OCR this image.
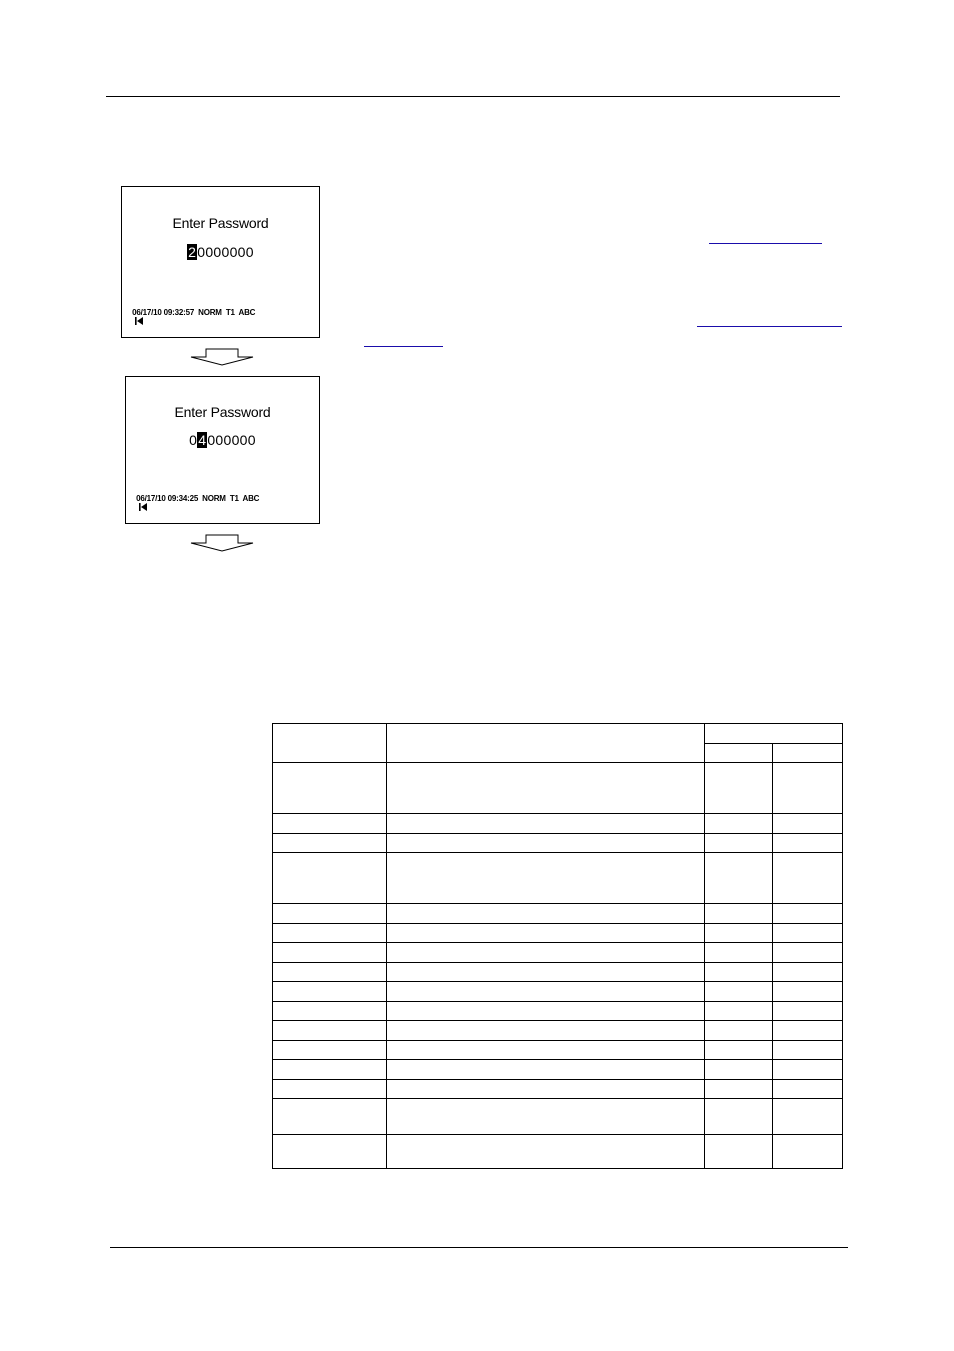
Enter Password
20000000

06/17/10 09:32:57  NORM  T1  ABC

Enter Password
04000000

06/17/10 09:34:25  NORM  T1  ABC
